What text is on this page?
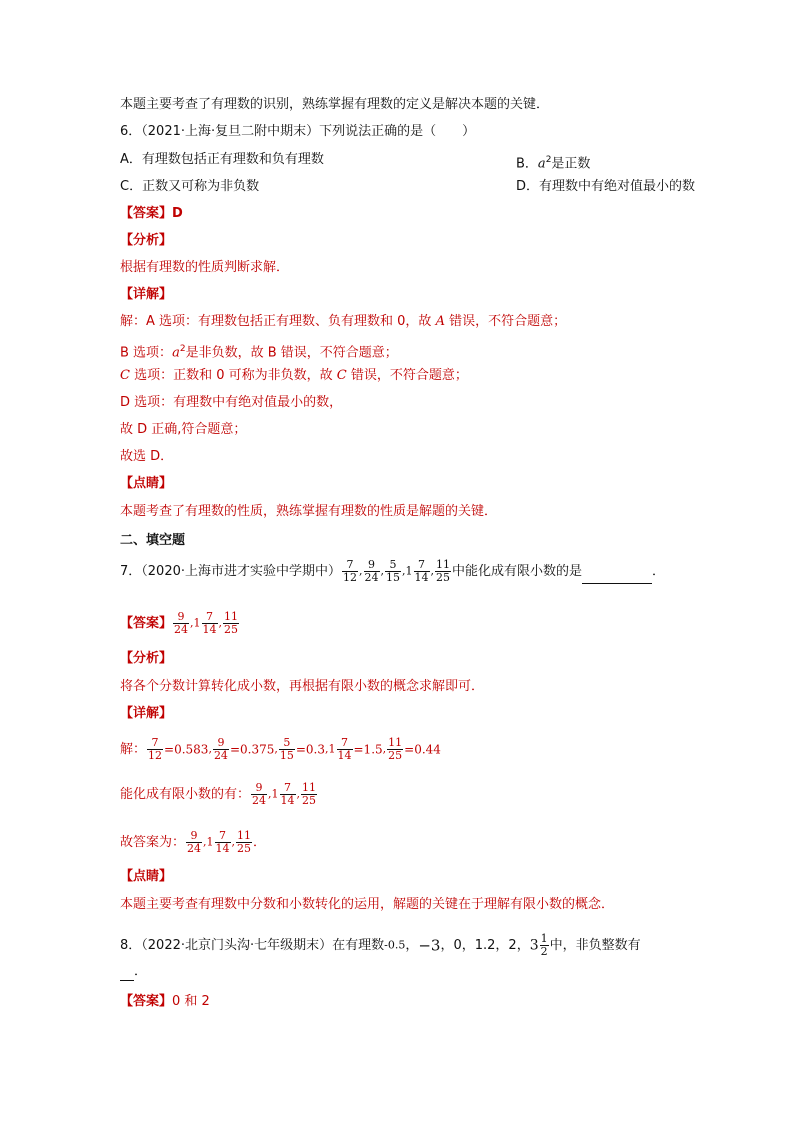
本题主要考查了有理数的识别，熟练掌握有理数的定义是解决本题的关键．
6．（2021·上海·复旦二附中期末）下列说法正确的是（　　）
A．有理数包括正有理数和负有理数	B．$a^2$是正数
C．正数又可称为非负数	D．有理数中有绝对值最小的数
【答案】D
【分析】
根据有理数的性质判断求解．
【详解】
解：A 选项：有理数包括正有理数、负有理数和 0，故 A 错误，不符合题意；
B 选项：$a^2$是非负数，故 B 错误，不符合题意；
C 选项：正数和 0 可称为非负数，故 C 错误，不符合题意；
D 选项：有理数中有绝对值最小的数，
故 D 正确,符合题意；
故选 D．
【点睛】
本题考查了有理数的性质，熟练掌握有理数的性质是解题的关键．
二、填空题
7．（2020·上海市进才实验中学期中） $\frac{7}{12}$ , $\frac{9}{24}$ , $\frac{5}{15} ,1 \frac{7}{14}$ , $\frac{11}{25}$ 中能化成有限小数的是	．
【答案】 $\frac{9}{24} ,1 \frac{7}{14}$ , $\frac{11}{25}$
【分析】
将各个分数计算转化成小数，再根据有限小数的概念求解即可．
【详解】
解： $\frac{7}{12} =0.583$, $\frac{9}{24} =0.375$, $\frac{5}{15} =0.3,1 \frac{7}{14} =1.5$, $\frac{11}{25} =0.44$
能化成有限小数的有： $\frac{9}{24} ,1 \frac{7}{14}$ , $\frac{11}{25}$
故答案为： $\frac{9}{24} ,1 \frac{7}{14}$ , $\frac{11}{25}$ ．
【点睛】
本题主要考查有理数中分数和小数转化的运用，解题的关键在于理解有限小数的概念．
8．（2022·北京门头沟·七年级期末）在有理数-0.5，−3，0，1.2，2，$3 \frac{1}{2}$ 中，非负整数有
．
【答案】0 和 2
